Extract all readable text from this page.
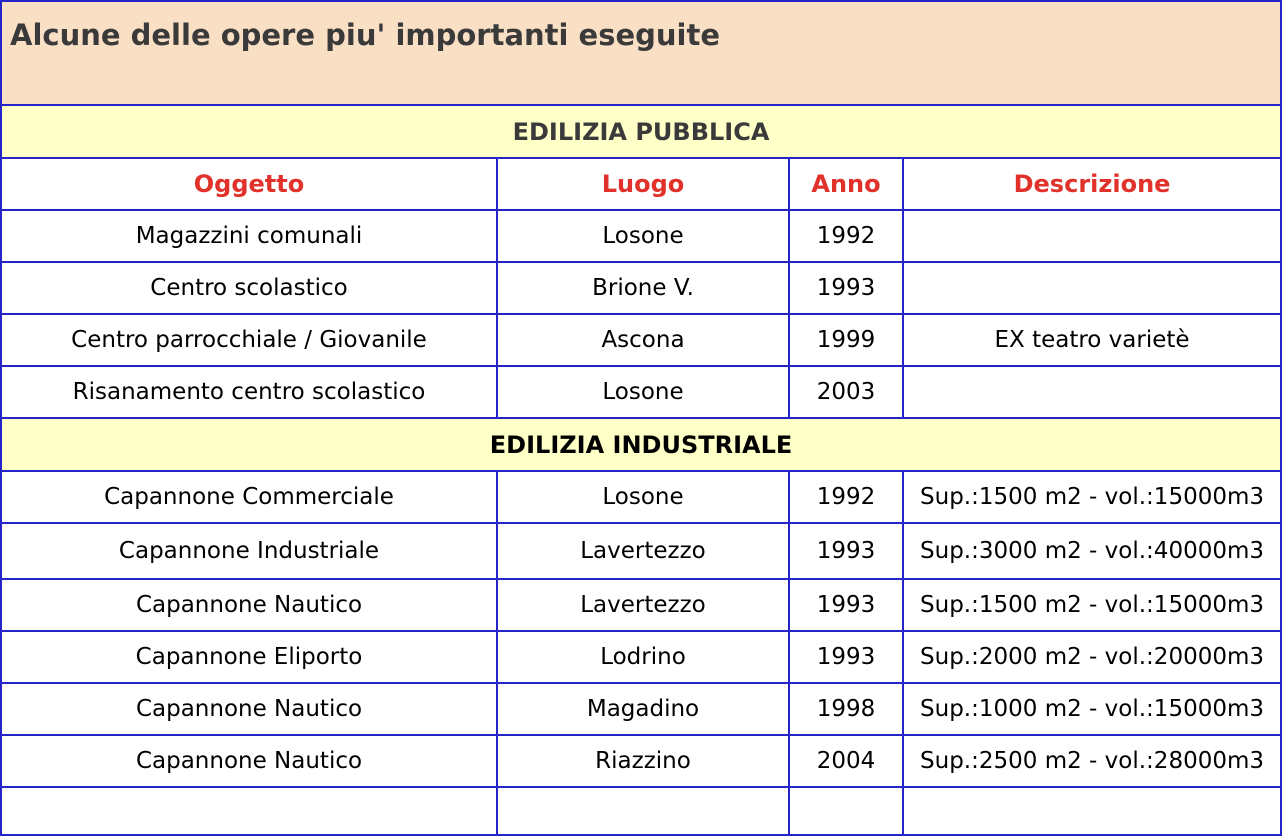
Alcune delle opere piu' importanti eseguite			
EDILIZIA PUBBLICA			
Oggetto	Luogo	Anno	Descrizione
Magazzini comunali	Losone	1992	
Centro scolastico	Brione V.	1993	
Centro parrocchiale / Giovanile	Ascona	1999	EX teatro varietè
Risanamento centro scolastico	Losone	2003	
EDILIZIA INDUSTRIALE			
Capannone Commerciale	Losone	1992	Sup.:1500 m2 - vol.:15000m3
Capannone Industriale	Lavertezzo	1993	Sup.:3000 m2 - vol.:40000m3
Capannone Nautico	Lavertezzo	1993	Sup.:1500 m2 - vol.:15000m3
Capannone Eliporto	Lodrino	1993	Sup.:2000 m2 - vol.:20000m3
Capannone Nautico	Magadino	1998	Sup.:1000 m2 - vol.:15000m3
Capannone Nautico	Riazzino	2004	Sup.:2500 m2 - vol.:28000m3
